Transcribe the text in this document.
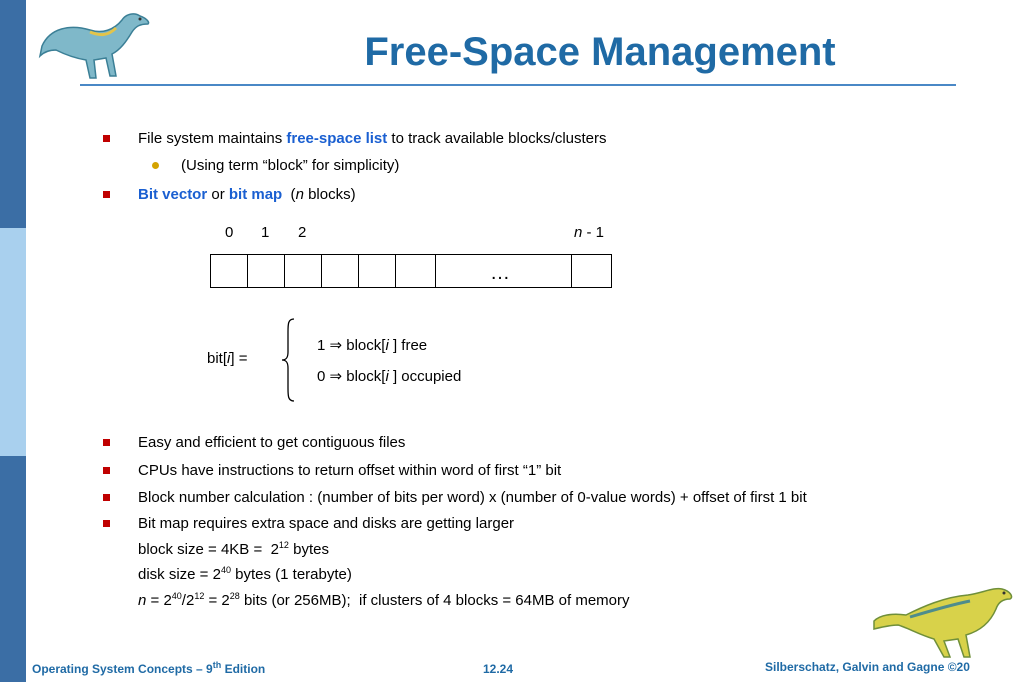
Free-Space Management
File system maintains free-space list to track available blocks/clusters
(Using term “block” for simplicity)
Bit vector or bit map  (n blocks)
0 1 2	n - 1
…
bit[i] =
1 ⇒ block[i ] free
0 ⇒ block[i ] occupied
Easy and efficient to get contiguous files
CPUs have instructions to return offset within word of first “1” bit
Block number calculation : (number of bits per word) x (number of 0-value words) + offset of first 1 bit
Bit map requires extra space and disks are getting larger
block size = $4KB = 2^{12}$ bytes
disk size = $2^{40}$ bytes (1 terabyte)
$n = 2^{40}/2^{12} = 2^{28}$ bits (or 256MB);  if clusters of 4 blocks = 64MB of memory
Operating System Concepts – 9th Edition	12.24	Silberschatz, Galvin and Gagne ©20
